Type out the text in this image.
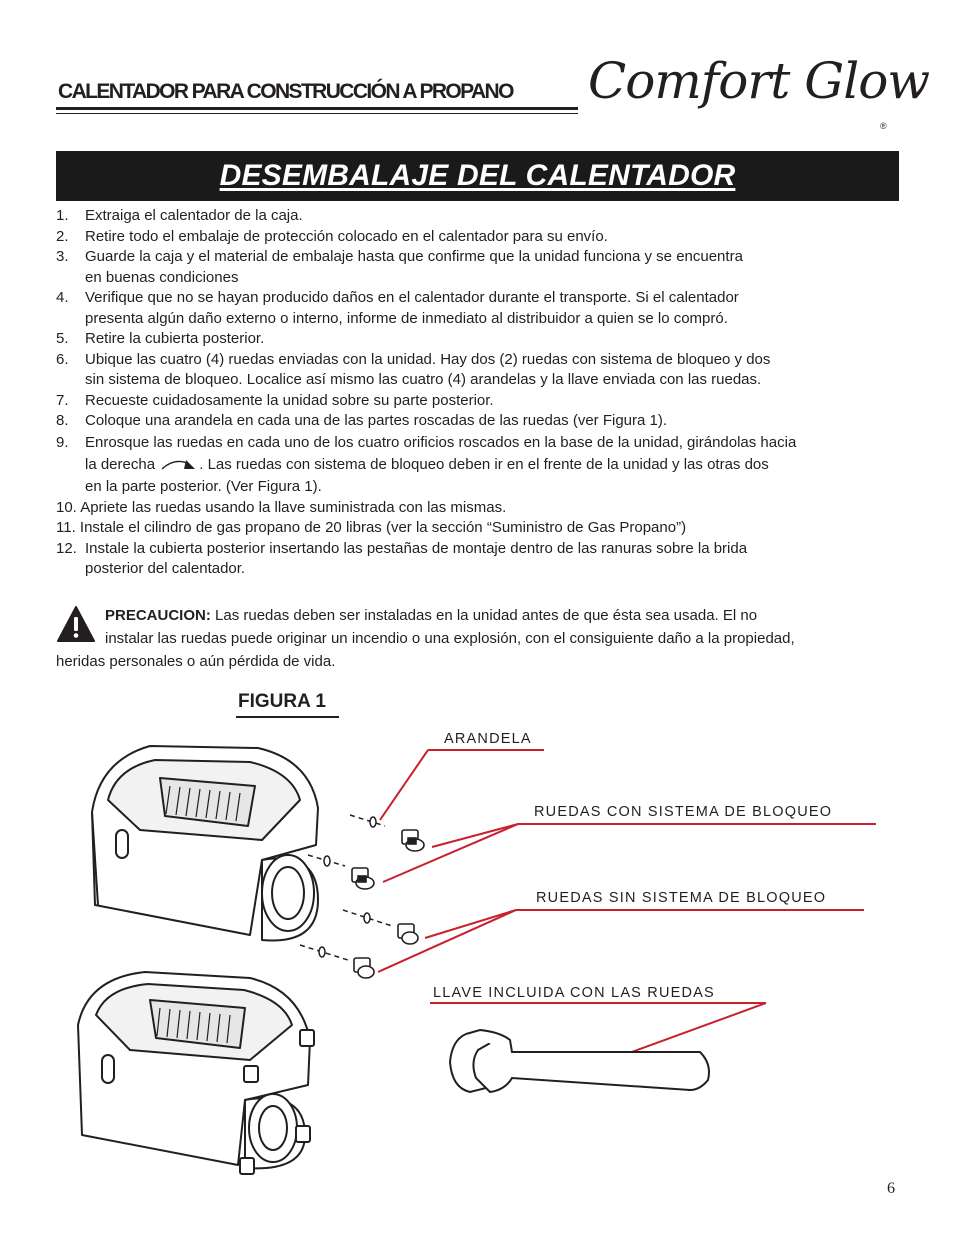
CALENTADOR PARA CONSTRUCCIÓN A PROPANO Comfort Glow
®
DESEMBALAJE DEL CALENTADOR
1. Extraiga el calentador de la caja.
2. Retire todo el embalaje de protección colocado en el calentador para su envío.
3. Guarde la caja y el material de embalaje hasta que confirme que la unidad funciona y se encuentra
en buenas condiciones
4. Verifique que no se hayan producido daños en el calentador durante el transporte. Si el calentador
presenta algún daño externo o interno, informe de inmediato al distribuidor a quien se lo compró.
5. Retire la cubierta posterior.
6. Ubique las cuatro (4) ruedas enviadas con la unidad. Hay dos (2) ruedas con sistema de bloqueo y dos
sin sistema de bloqueo. Localice así mismo las cuatro (4) arandelas y la llave enviada con las ruedas.
7. Recueste cuidadosamente la unidad sobre su parte posterior.
8. Coloque una arandela en cada una de las partes roscadas de las ruedas (ver Figura 1).
9. Enrosque las ruedas en cada uno de los cuatro orificios roscados en la base de la unidad, girándolas hacia
la derecha	. Las ruedas con sistema de bloqueo deben ir en el frente de la unidad y las otras dos
en la parte posterior. (Ver Figura 1).
10. Apriete las ruedas usando la llave suministrada con las mismas.
11. Instale el cilindro de gas propano de 20 libras (ver la sección “Suministro de Gas Propano”)
12. Instale la cubierta posterior insertando las pestañas de montaje dentro de las ranuras sobre la brida
posterior del calentador.
PRECAUCION: Las ruedas deben ser instaladas en la unidad antes de que ésta sea usada. El no
instalar las ruedas puede originar un incendio o una explosión, con el consiguiente daño a la propiedad,
heridas personales o aún pérdida de vida.
FIGURA 1
ARANDELA
RUEDAS CON SISTEMA DE BLOQUEO
RUEDAS SIN SISTEMA DE BLOQUEO
LLAVE INCLUIDA CON LAS RUEDAS
6
